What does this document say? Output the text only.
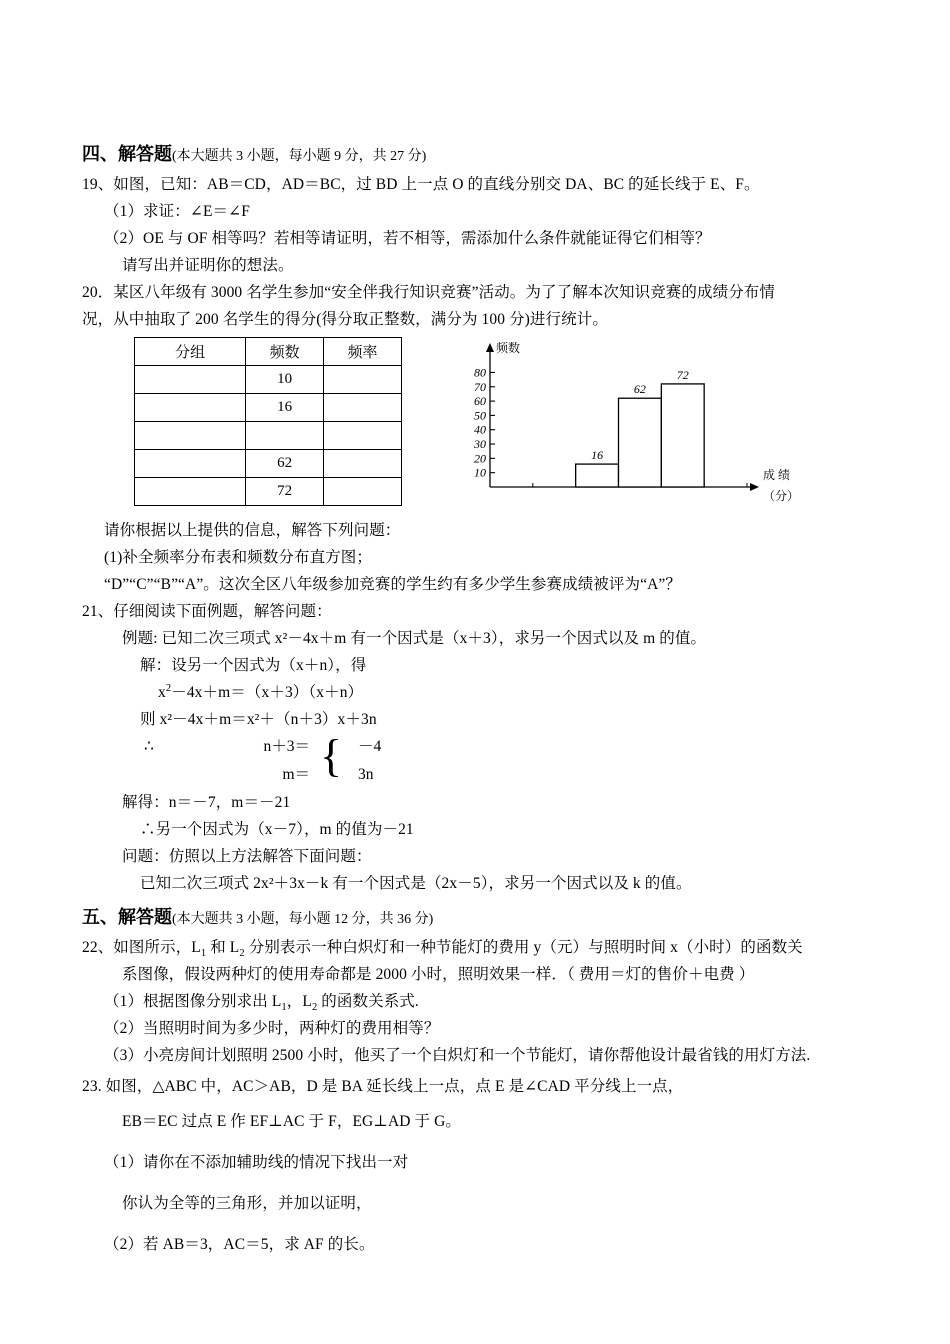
四、解答题(本大题共 3 小题，每小题 9 分，共 27 分)
19、如图，已知：AB＝CD，AD＝BC，过 BD 上一点 O 的直线分别交 DA、BC 的延长线于 E、F。
（1）求证：∠E＝∠F
（2）OE 与 OF 相等吗？若相等请证明，若不相等，需添加什么条件就能证得它们相等？
请写出并证明你的想法。
20．某区八年级有 3000 名学生参加“安全伴我行知识竞赛”活动。为了了解本次知识竞赛的成绩分布情
况，从中抽取了 200 名学生的得分(得分取正整数，满分为 100 分)进行统计。
分组	频数	频率
	10	
	16	

	62	
	72	
频数
10
20
30
40
50
60
70
80
16
62
72
成 绩
（分）
请你根据以上提供的信息，解答下列问题：
(1)补全频率分布表和频数分布直方图；
“D”“C”“B”“A”。这次全区八年级参加竞赛的学生约有多少学生参赛成绩被评为“A”？
21、仔细阅读下面例题，解答问题：
例题: 已知二次三项式 x²－4x＋m 有一个因式是（x＋3），求另一个因式以及 m 的值。
解：设另一个因式为（x＋n），得
$x^2-4x+m=(x+3)(x+n)$
则 x²－4x＋m＝x²＋（n＋3）x＋3n
∴	n＋3＝
m＝ { －4
3n
解得：n＝－7，m＝－21
∴另一个因式为（x－7），m 的值为－21
问题：仿照以上方法解答下面问题：
已知二次三项式 2x²＋3x－k 有一个因式是（2x－5），求另一个因式以及 k 的值。
五、解答题(本大题共 3 小题，每小题 12 分，共 36 分)
22、如图所示，$L_1$ 和 $L_2$ 分别表示一种白炽灯和一种节能灯的费用 y（元）与照明时间 x（小时）的函数关
系图像，假设两种灯的使用寿命都是 2000 小时，照明效果一样．（ 费用＝灯的售价＋电费 ）
（1）根据图像分别求出 $L_1$，$L_2$ 的函数关系式.
（2）当照明时间为多少时，两种灯的费用相等？
（3）小亮房间计划照明 2500 小时，他买了一个白炽灯和一个节能灯，请你帮他设计最省钱的用灯方法.
23. 如图，△ABC 中，AC＞AB，D 是 BA 延长线上一点，点 E 是∠CAD 平分线上一点，
EB＝EC 过点 E 作 EF⊥AC 于 F，EG⊥AD 于 G。
（1）请你在不添加辅助线的情况下找出一对
你认为全等的三角形，并加以证明，
（2）若 AB＝3，AC＝5，求 AF 的长。
